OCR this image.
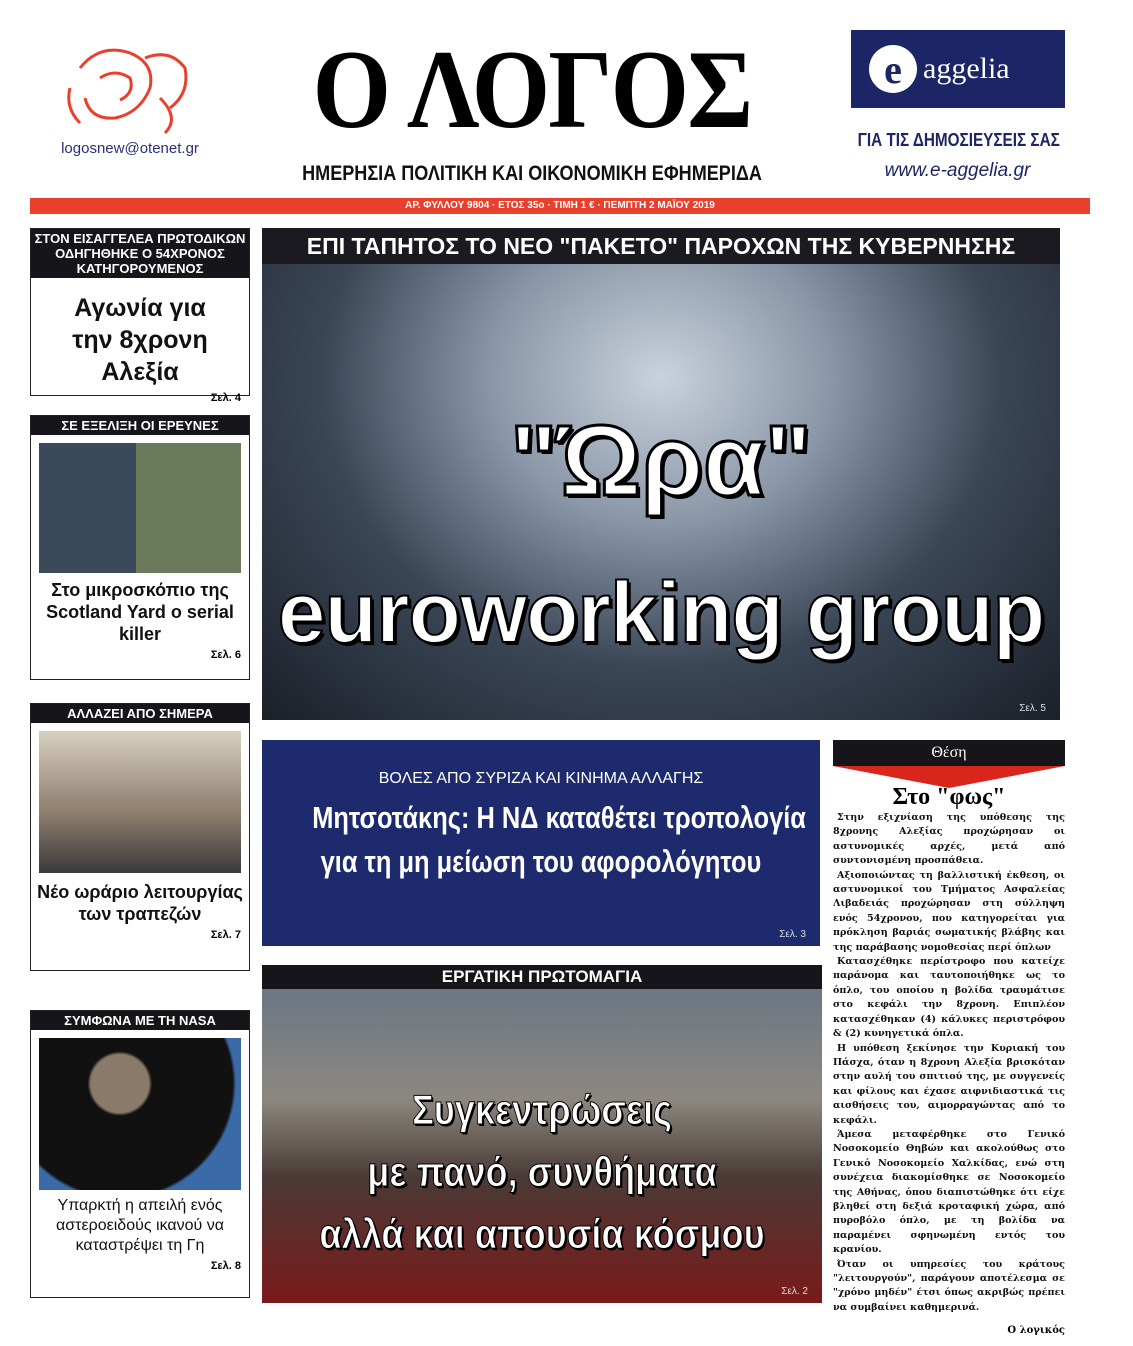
logosnew@otenet.gr Ο ΛΟΓΟΣ
ΗΜΕΡΗΣΙΑ ΠΟΛΙΤΙΚΗ ΚΑΙ ΟΙΚΟΝΟΜΙΚΗ ΕΦΗΜΕΡΙΔΑ
e aggelia
ΓΙΑ ΤΙΣ ΔΗΜΟΣΙΕΥΣΕΙΣ ΣΑΣ
www.e-aggelia.gr
ΑΡ. ΦΥΛΛΟΥ 9804 · ΕΤΟΣ 35ο · ΤΙΜΗ 1 € · ΠΕΜΠΤΗ 2 ΜΑΪΟΥ 2019
ΣΤΟΝ ΕΙΣΑΓΓΕΛΕΑ ΠΡΩΤΟΔΙΚΩΝ ΟΔΗΓΗΘΗΚΕ Ο 54ΧΡΟΝΟΣ ΚΑΤΗΓΟΡΟΥΜΕΝΟΣ
Αγωνία για την 8χρονη Αλεξία
Σελ. 4
ΣΕ ΕΞΕΛΙΞΗ ΟΙ ΕΡΕΥΝΕΣ
Στο μικροσκόπιο της Scotland Yard ο serial killer
Σελ. 6
ΑΛΛΑΖΕΙ ΑΠΟ ΣΗΜΕΡΑ
Νέο ωράριο λειτουργίας των τραπεζών
Σελ. 7
ΣΥΜΦΩΝΑ ΜΕ ΤΗ NASA
Υπαρκτή η απειλή ενός αστεροειδούς ικανού να καταστρέψει τη Γη
Σελ. 8
ΕΠΙ ΤΑΠΗΤΟΣ ΤΟ ΝΕΟ "ΠΑΚΕΤΟ" ΠΑΡΟΧΩΝ ΤΗΣ ΚΥΒΕΡΝΗΣΗΣ
"Ώρα"
euroworking group
Σελ. 5
ΒΟΛΕΣ ΑΠΟ ΣΥΡΙΖΑ ΚΑΙ ΚΙΝΗΜΑ ΑΛΛΑΓΗΣ
Μητσοτάκης: Η ΝΔ καταθέτει τροπολογία
για τη μη μείωση του αφορολόγητου
Σελ. 3
ΕΡΓΑΤΙΚΗ ΠΡΩΤΟΜΑΓΙΑ
Συγκεντρώσεις
με πανό, συνθήματα
αλλά και απουσία κόσμου
Σελ. 2
Θέση
Στο "φως"

Στην εξιχνίαση της υπόθεσης της 8χρονης Αλεξίας προχώρησαν οι αστυνομικές αρχές, μετά από συντονισμένη προσπάθεια.

Αξιοποιώντας τη βαλλιστική έκθεση, οι αστυνομικοί του Τμήματος Ασφαλείας Λιβαδειάς προχώρησαν στη σύλληψη ενός 54χρονου, που κατηγορείται για πρόκληση βαριάς σωματικής βλάβης και της παράβασης νομοθεσίας περί όπλων

Κατασχέθηκε περίστροφο που κατείχε παράνομα και ταυτοποιήθηκε ως το όπλο, του οποίου η βολίδα τραυμάτισε στο κεφάλι την 8χρονη. Επιπλέον κατασχέθηκαν (4) κάλυκες περιστρόφου & (2) κυνηγετικά όπλα.

Η υπόθεση ξεκίνησε την Κυριακή του Πάσχα, όταν η 8χρονη Αλεξία βρισκόταν στην αυλή του σπιτιού της, με συγγενείς και φίλους και έχασε αιφνιδιαστικά τις αισθήσεις του, αιμορραγώντας από το κεφάλι.

Άμεσα μεταφέρθηκε στο Γενικό Νοσοκομείο Θηβών και ακολούθως στο Γενικό Νοσοκομείο Χαλκίδας, ενώ στη συνέχεια διακομίσθηκε σε Νοσοκομείο της Αθήνας, όπου διαπιστώθηκε ότι είχε βληθεί στη δεξιά κροταφική χώρα, από πυροβόλο όπλο, με τη βολίδα να παραμένει σφηνωμένη εντός του κρανίου.

Όταν οι υπηρεσίες του κράτους "λειτουργούν", παράγουν αποτέλεσμα σε "χρόνο μηδέν" έτσι όπως ακριβώς πρέπει να συμβαίνει καθημερινά.

Ο λογικός
